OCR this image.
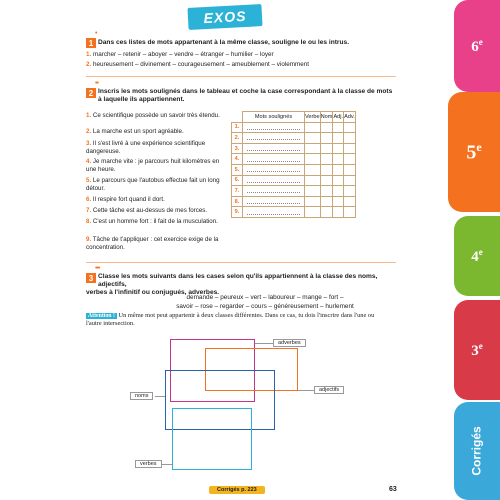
EXOS
6e
5e
4e
3e
Corrigés
•
1 Dans ces listes de mots appartenant à la même classe, souligne le ou les intrus.
1. marcher – retenir – aboyer – vendre – étranger – humilier – loyer
2. heureusement – divinement – courageusement – ameublement – violemment
••
2 Inscris les mots soulignés dans le tableau et coche la case correspondant à la classe de mots
à laquelle ils appartiennent.
1. Ce scientifique possède un savoir très étendu.
2. La marche est un sport agréable.
3. Il s'est livré à une expérience scientifique dangereuse.
4. Je marche vite : je parcours huit kilomètres en une heure.
5. Le parcours que l'autobus effectue fait un long détour.
6. Il respire fort quand il dort.
7. Cette tâche est au-dessus de mes forces.
8. C'est un homme fort : il fait de la musculation.
9. Tâche de t'appliquer : cet exercice exige de la concentration.
	Mots soulignés	Verbe	Nom	Adj.	Adv.
1.	

2.	

3.	

4.	

5.	

6.	

7.	

8.	

9.	

•••
3 Classe les mots suivants dans les cases selon qu'ils appartiennent à la classe des noms, adjectifs,
verbes à l'infinitif ou conjugués, adverbes.
demande – peureux – vert – laboureur – mange – fort –
savoir – rose – regarder – cours – généreusement – hurlement
Attention ! Un même mot peut appartenir à deux classes différentes. Dans ce cas, tu dois l'inscrire dans l'une ou l'autre intersection.
adverbes
adjectifs
noms
verbes
Corrigés p. 223	63
